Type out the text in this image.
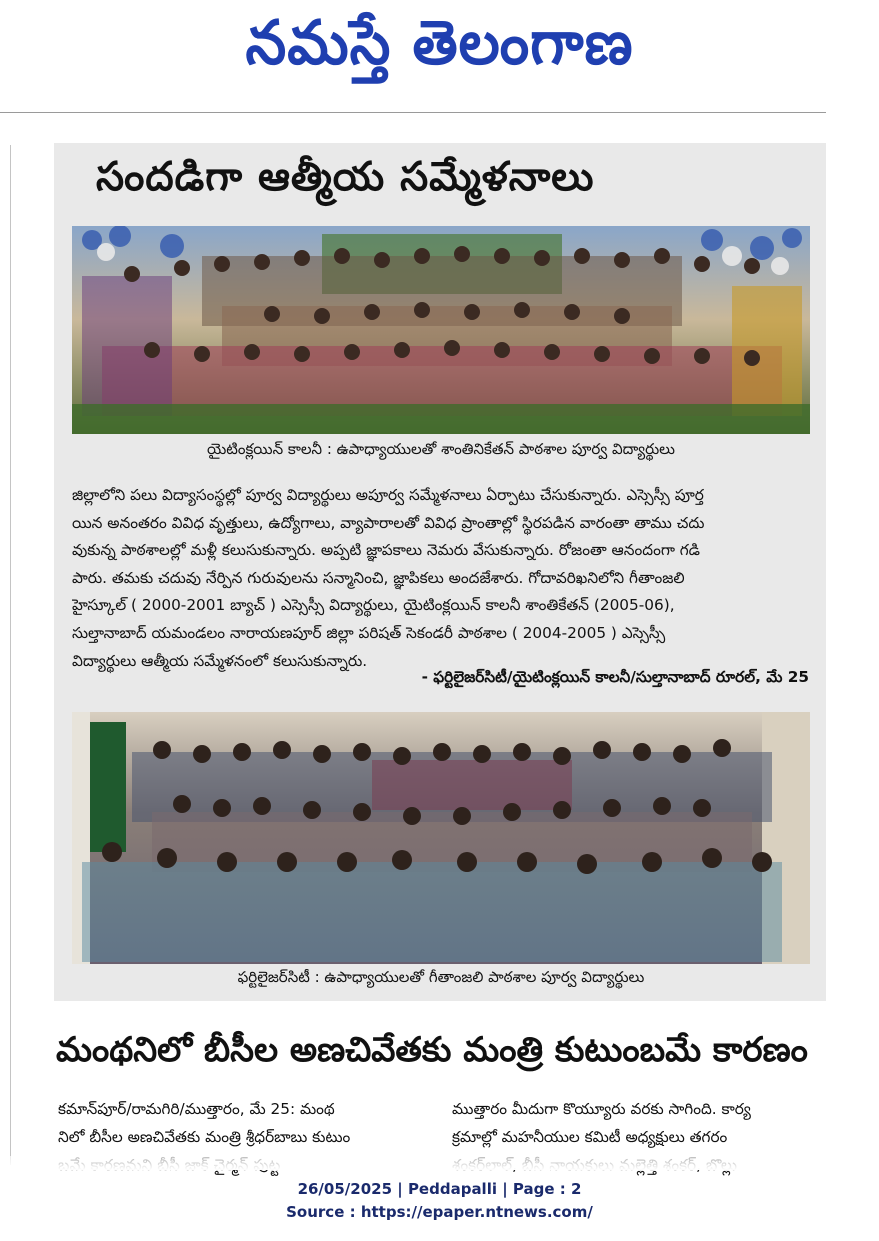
నమస్తే తెలంగాణ
సందడిగా ఆత్మీయ సమ్మేళనాలు
యైటింక్లయిన్ కాలనీ : ఉపాధ్యాయులతో శాంతినికేతన్ పాఠశాల పూర్వ విద్యార్థులు
జిల్లాలోని పలు విద్యాసంస్థల్లో పూర్వ విద్యార్థులు అపూర్వ సమ్మేళనాలు ఏర్పాటు చేసుకున్నారు. ఎస్సెస్సీ పూర్త
యిన అనంతరం వివిధ వృత్తులు, ఉద్యోగాలు, వ్యాపారాలతో వివిధ ప్రాంతాల్లో స్థిరపడిన వారంతా తాము చదు
వుకున్న పాఠశాలల్లో మళ్లీ కలుసుకున్నారు. అప్పటి జ్ఞాపకాలు నెమరు వేసుకున్నారు. రోజంతా ఆనందంగా గడి
పారు. తమకు చదువు నేర్పిన గురువులను సన్మానించి, జ్ఞాపికలు అందజేశారు. గోదావరిఖనిలోని గీతాంజలి
హైస్కూల్ ( 2000-2001 బ్యాచ్ ) ఎస్సెస్సీ విద్యార్థులు, యైటింక్లయిన్ కాలనీ శాంతికేతన్ (2005-06),
సుల్తానాబాద్ యమండలం నారాయణపూర్ జిల్లా పరిషత్ సెకండరీ పాఠశాల ( 2004-2005 ) ఎస్సెస్సీ
విద్యార్థులు ఆత్మీయ సమ్మేళనంలో కలుసుకున్నారు.
- ఫర్టిలైజర్‌సిటీ/యైటింక్లయిన్ కాలనీ/సుల్తానాబాద్ రూరల్, మే 25
ఫర్టిలైజర్‌సిటీ : ఉపాధ్యాయులతో గీతాంజలి పాఠశాల పూర్వ విద్యార్థులు
మంథనిలో బీసీల అణచివేతకు మంత్రి కుటుంబమే కారణం
కమాన్‌పూర్/రామగిరి/ముత్తారం, మే 25: మంథ
నిలో బీసీల అణచివేతకు మంత్రి శ్రీధర్‌బాబు కుటుం
ముత్తారం మీదుగా కొయ్యూరు వరకు సాగింది. కార్య
క్రమాల్లో మహనీయుల కమిటీ అధ్యక్షులు తగరం
26/05/2025 | Peddapalli | Page : 2
Source : https://epaper.ntnews.com/
